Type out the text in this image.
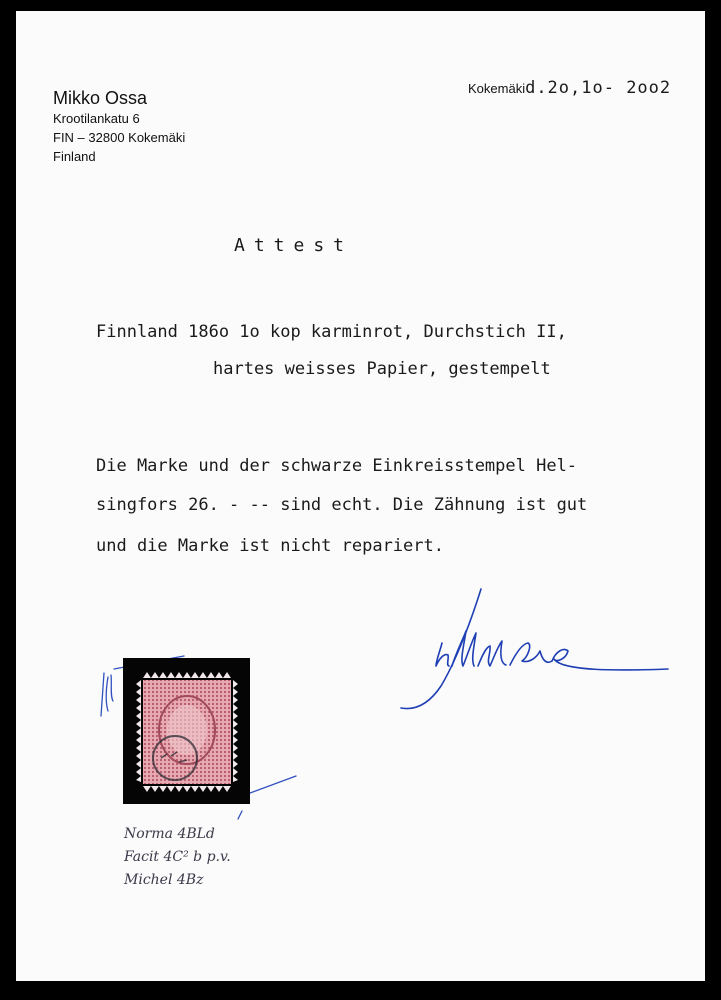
Mikko Ossa
Krootilankatu 6
FIN – 32800 Kokemäki
Finland
Kokemäkid.2o,1o- 2oo2
Attest
Finnland 186o 1o kop karminrot, Durchstich II,
hartes weisses Papier, gestempelt
Die Marke und der schwarze Einkreisstempel Hel-
singfors 26. - -- sind echt. Die Zähnung ist gut
und die Marke ist nicht repariert.
Norma 4BLd
Facit 4C² b p.v.
Michel 4Bz
